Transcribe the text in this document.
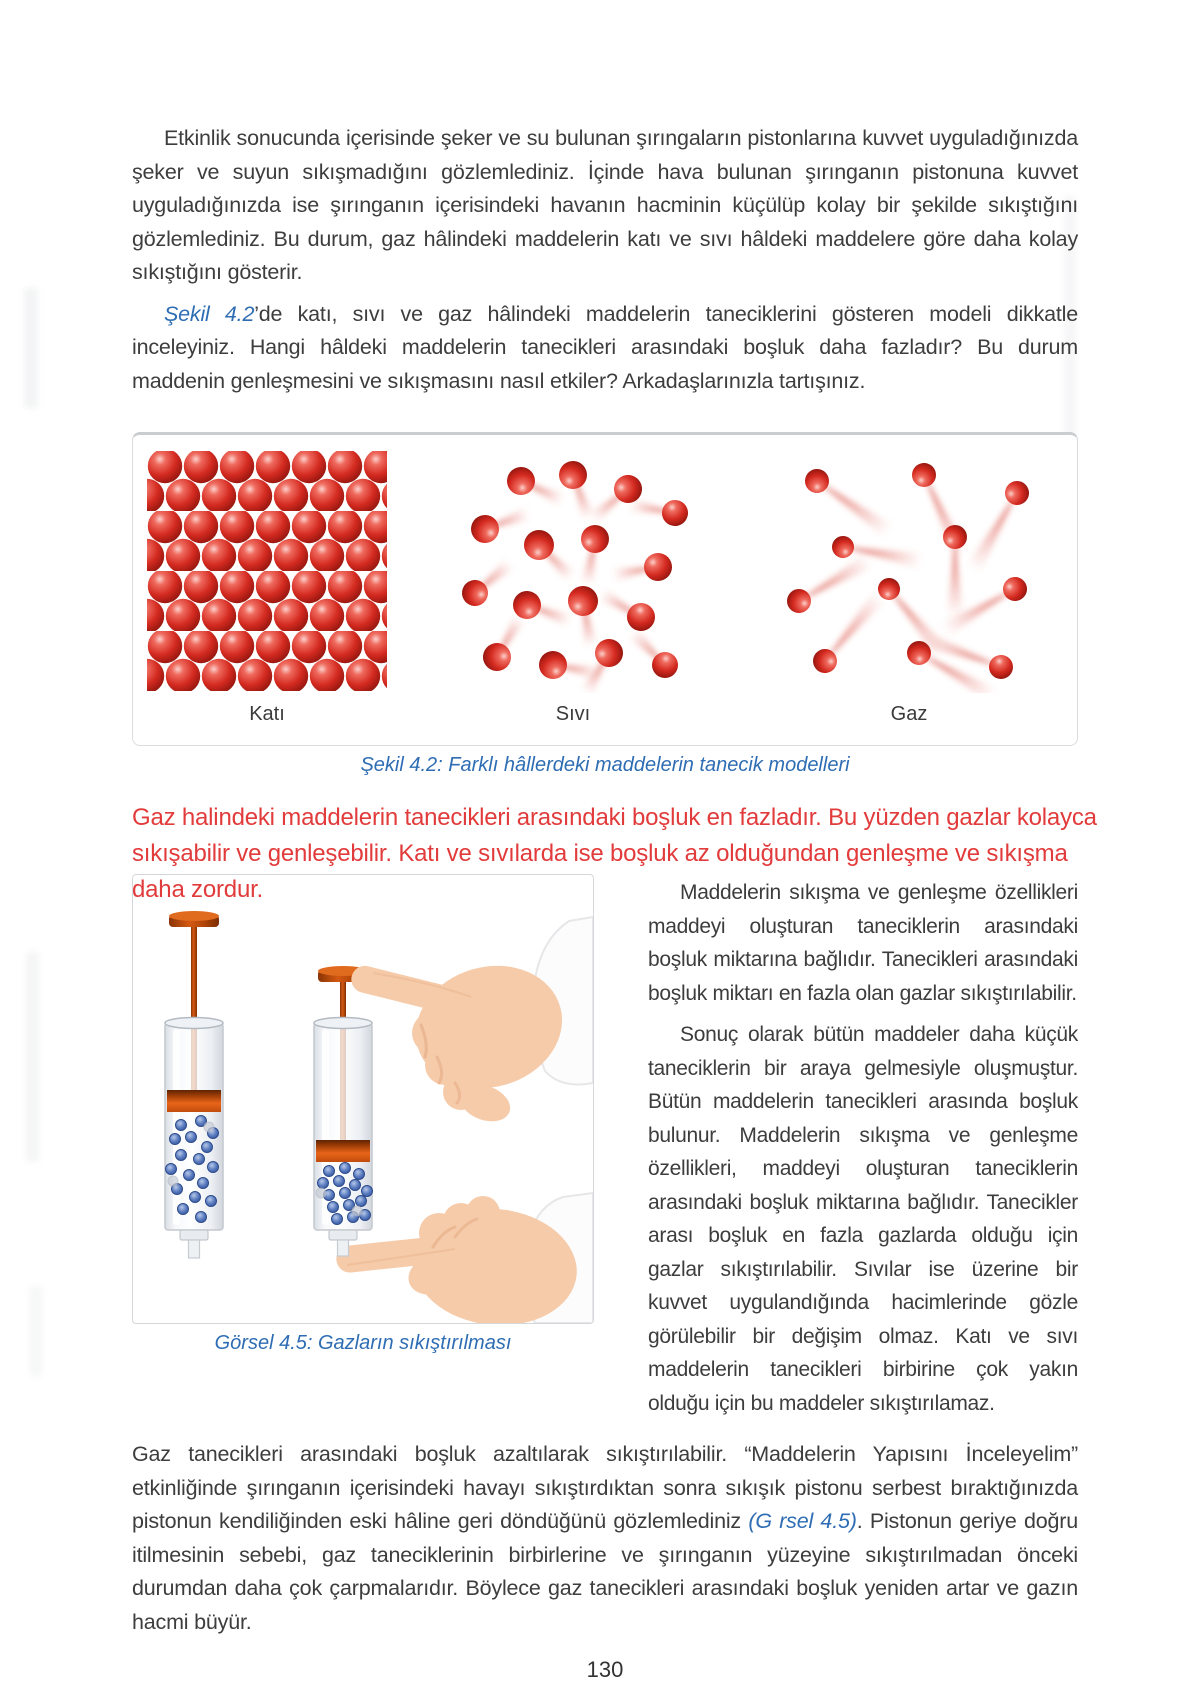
Etkinlik sonucunda içerisinde şeker ve su bulunan şırıngaların pistonlarına kuvvet uyguladığınızda şeker ve suyun sıkışmadığını gözlemlediniz. İçinde hava bulunan şırınganın pistonuna kuvvet uyguladığınızda ise şırınganın içerisindeki havanın hacminin küçülüp kolay bir şekilde sıkıştığını gözlemlediniz. Bu durum, gaz hâlindeki maddelerin katı ve sıvı hâldeki maddelere göre daha kolay sıkıştığını gösterir.

Şekil 4.2’de katı, sıvı ve gaz hâlindeki maddelerin taneciklerini gösteren modeli dikkatle inceleyiniz. Hangi hâldeki maddelerin tanecikleri arasındaki boşluk daha fazladır? Bu durum maddenin genleşmesini ve sıkışmasını nasıl etkiler? Arkadaşlarınızla tartışınız.

Katı	Sıvı	Gaz

Şekil 4.2: Farklı hâllerdeki maddelerin tanecik modelleri

Gaz halindeki maddelerin tanecikleri arasındaki boşluk en fazladır. Bu yüzden gazlar kolayca sıkışabilir ve genleşebilir. Katı ve sıvılarda ise boşluk az olduğundan genleşme ve sıkışma daha zordur.

Görsel 4.5: Gazların sıkıştırılması

Maddelerin sıkışma ve genleşme özellikleri maddeyi oluşturan taneciklerin arasındaki boşluk miktarına bağlıdır. Tanecikleri arasındaki boşluk miktarı en fazla olan gazlar sıkıştırılabilir.

Sonuç olarak bütün maddeler daha küçük taneciklerin bir araya gelmesiyle oluşmuştur. Bütün maddelerin tanecikleri arasında boşluk bulunur. Maddelerin sıkışma ve genleşme özellikleri, maddeyi oluşturan taneciklerin arasındaki boşluk miktarına bağlıdır. Tanecikler arası boşluk en fazla gazlarda olduğu için gazlar sıkıştırılabilir. Sıvılar ise üzerine bir kuvvet uygulandığında hacimlerinde gözle görülebilir bir değişim olmaz. Katı ve sıvı maddelerin tanecikleri birbirine çok yakın olduğu için bu maddeler sıkıştırılamaz.

Gaz tanecikleri arasındaki boşluk azaltılarak sıkıştırılabilir. “Maddelerin Yapısını İnceleyelim” etkinliğinde şırınganın içerisindeki havayı sıkıştırdıktan sonra sıkışık pistonu serbest bıraktığınızda pistonun kendiliğinden eski hâline geri döndüğünü gözlemlediniz (G rsel 4.5). Pistonun geriye doğru itilmesinin sebebi, gaz taneciklerinin birbirlerine ve şırınganın yüzeyine sıkıştırılmadan önceki durumdan daha çok çarpmalarıdır. Böylece gaz tanecikleri arasındaki boşluk yeniden artar ve gazın hacmi büyür.

130
